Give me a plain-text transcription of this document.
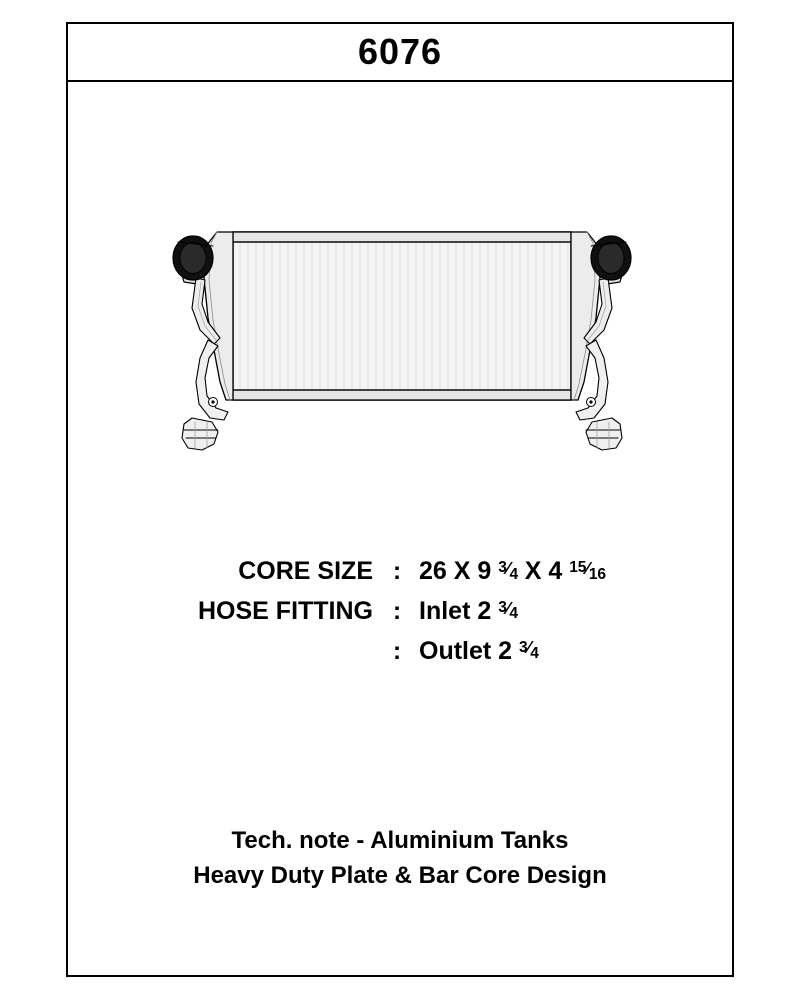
6076
CORE SIZE : 26 X 9 3⁄4 X 4 15⁄16
HOSE FITTING : Inlet 2 3⁄4
: Outlet 2 3⁄4
Tech. note - Aluminium Tanks
Heavy Duty Plate & Bar Core Design
